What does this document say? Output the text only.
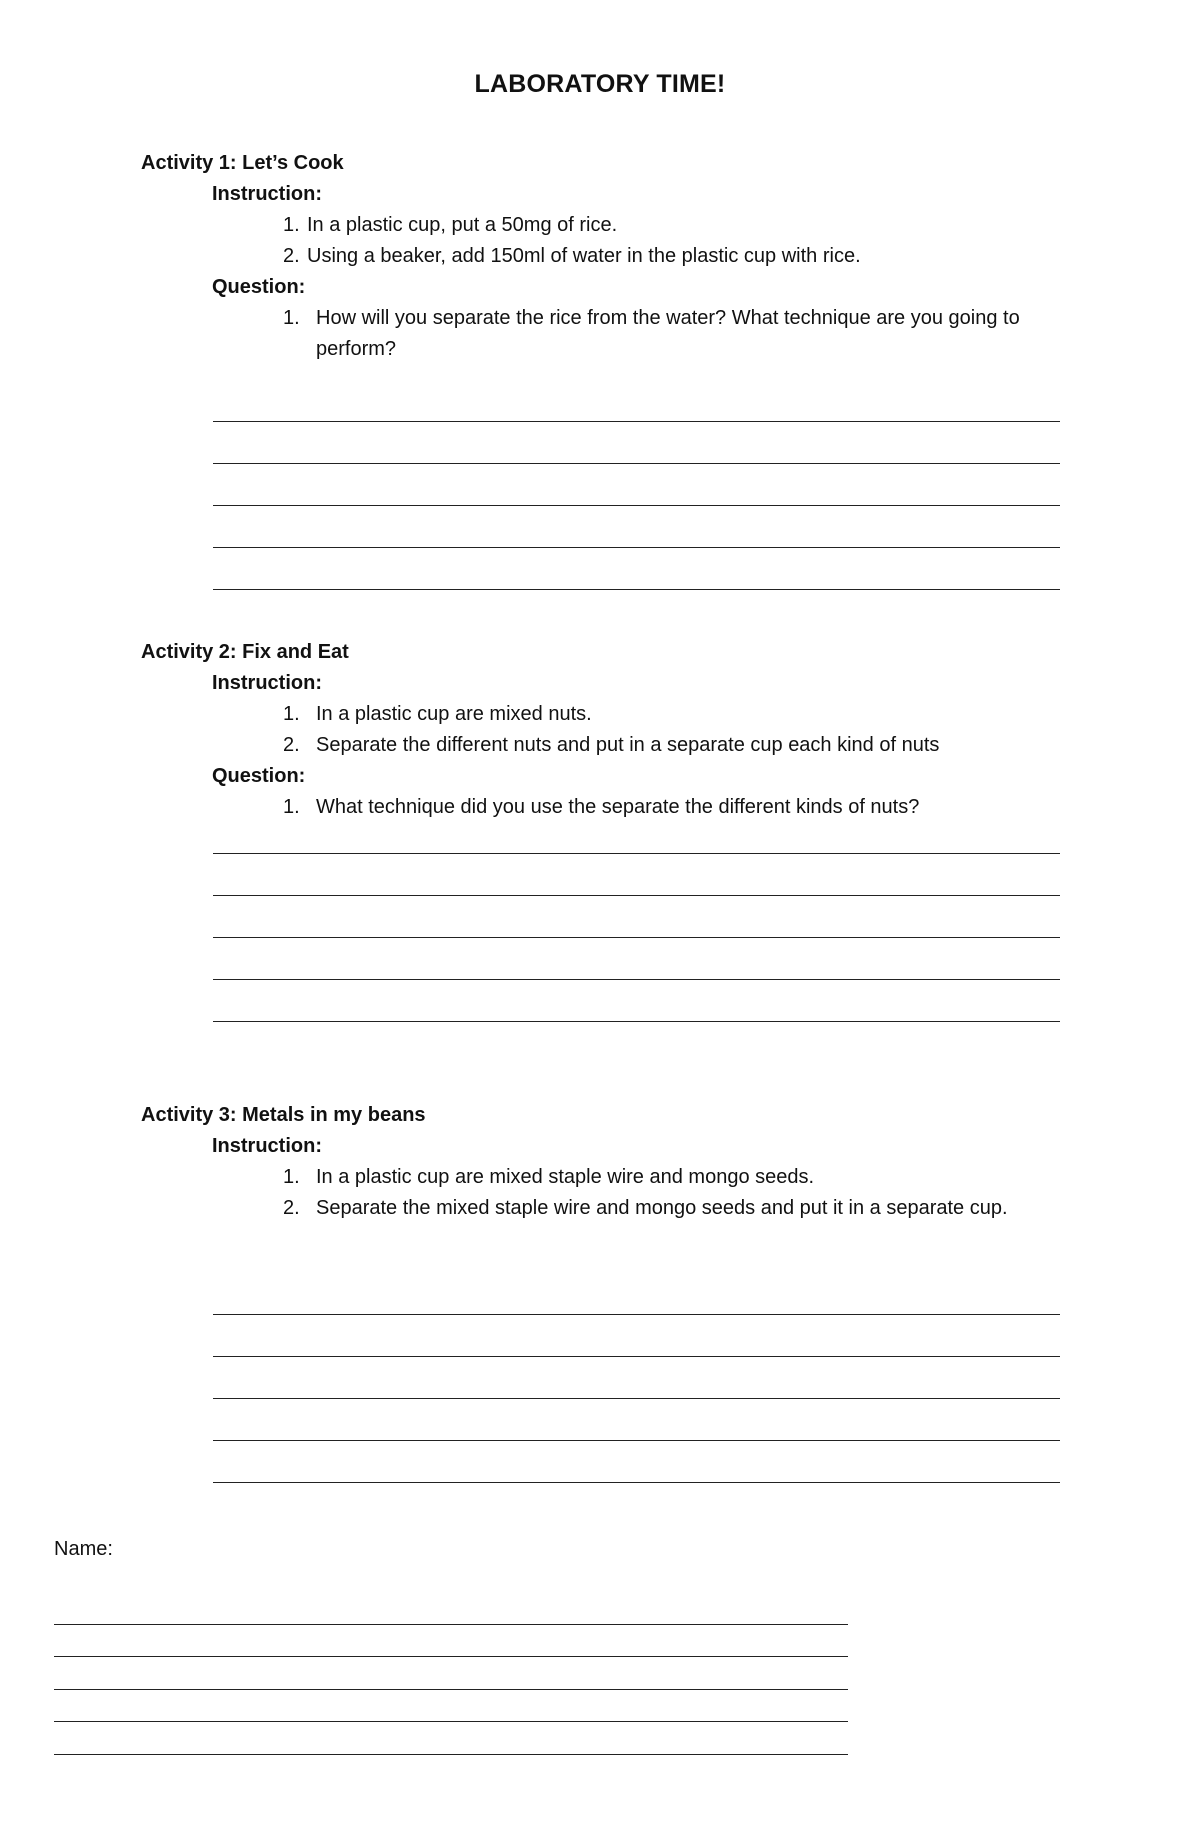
LABORATORY TIME!
Activity 1: Let’s Cook
Instruction:
1. In a plastic cup, put a 50mg of rice.
2. Using a beaker, add 150ml of water in the plastic cup with rice.
Question:
1. How will you separate the rice from the water? What technique are you going to perform?
Activity 2: Fix and Eat
Instruction:
1. In a plastic cup are mixed nuts.
2. Separate the different nuts and put in a separate cup each kind of nuts
Question:
1. What technique did you use the separate the different kinds of nuts?
Activity 3: Metals in my beans
Instruction:
1. In a plastic cup are mixed staple wire and mongo seeds.
2. Separate the mixed staple wire and mongo seeds and put it in a separate cup.

Name:
